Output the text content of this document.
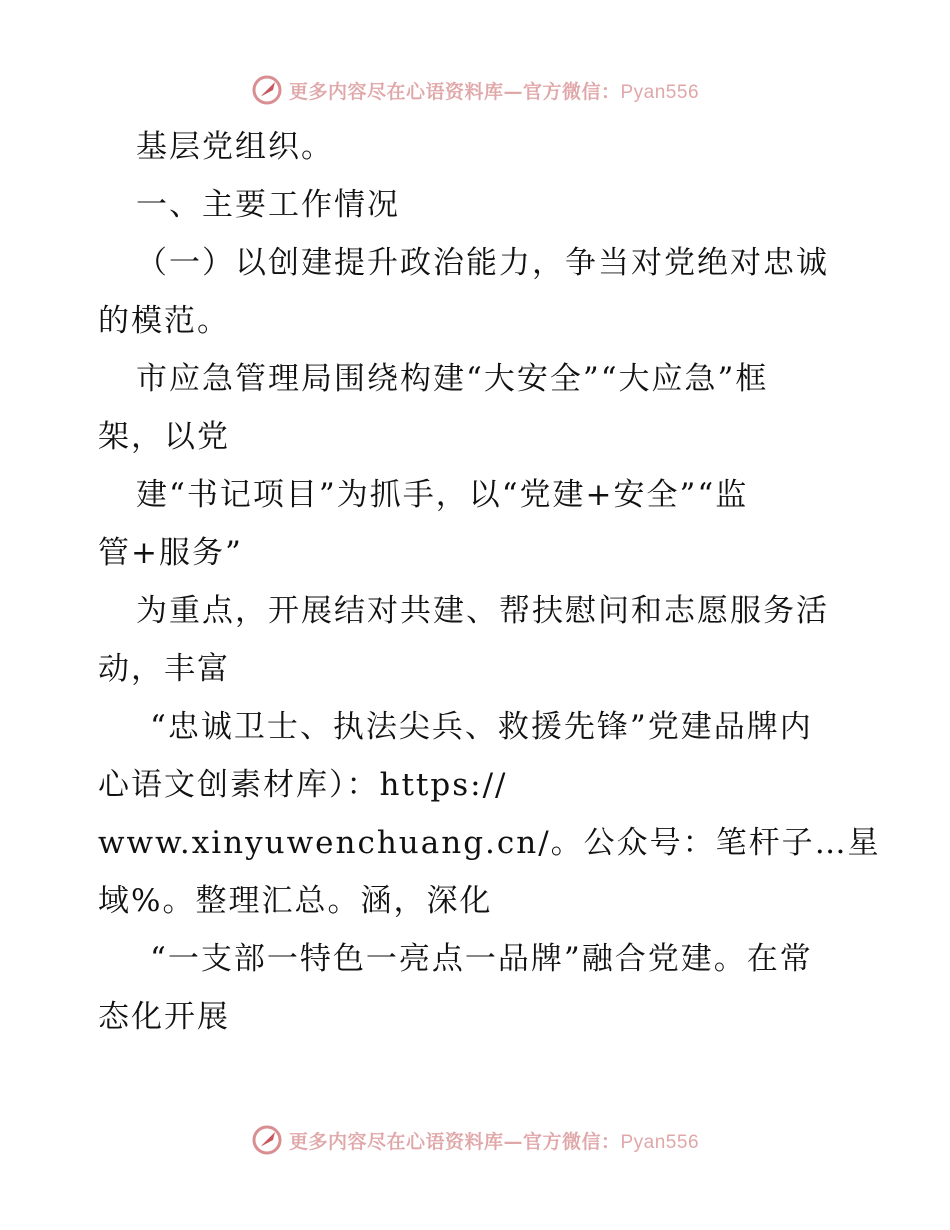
更多内容尽在心语资料库—官方微信：Pyan556
基层党组织。
一、主要工作情况
（一）以创建提升政治能力，争当对党绝对忠诚
的模范。
市应急管理局围绕构建“大安全”“大应急”框
架，以党
建“书记项目”为抓手，以“党建+安全”“监
管+服务”
为重点，开展结对共建、帮扶慰问和志愿服务活
动，丰富
“忠诚卫士、执法尖兵、救援先锋”党建品牌内
心语文创素材库）：https://
www.xinyuwenchuang.cn/。公众号：笔杆子…星
域%。整理汇总。涵，深化
“一支部一特色一亮点一品牌”融合党建。在常
态化开展
更多内容尽在心语资料库—官方微信：Pyan556
